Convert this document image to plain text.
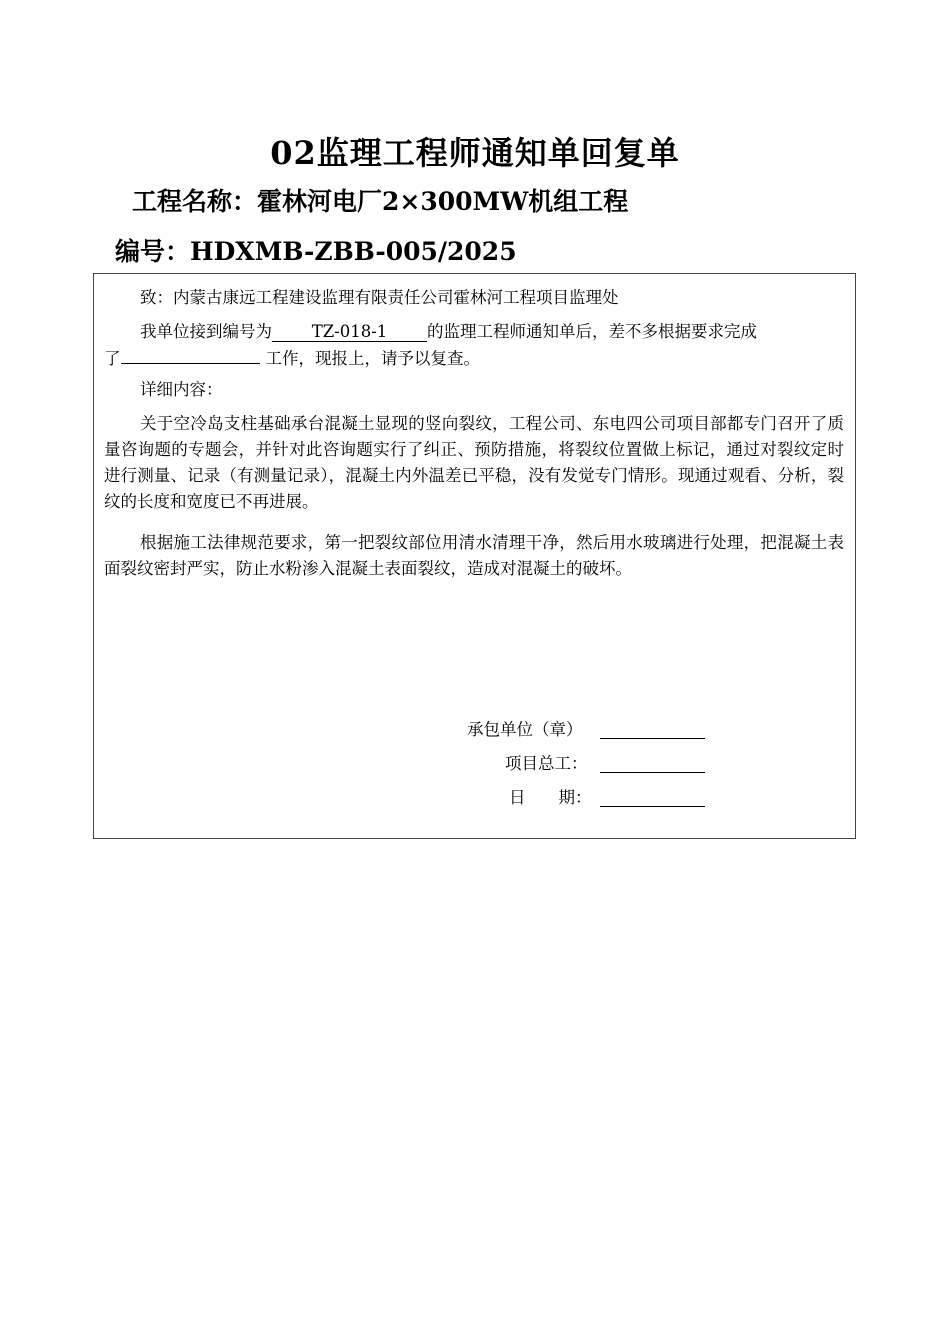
02监理工程师通知单回复单
工程名称：霍林河电厂2×300MW机组工程
编号：HDXMB-ZBB-005/2025
致：内蒙古康远工程建设监理有限责任公司霍林河工程项目监理处
我单位接到编号为 TZ-018-1 的监理工程师通知单后，差不多根据要求完成
了	工作，现报上，请予以复查。
详细内容：
关于空冷岛支柱基础承台混凝土显现的竖向裂纹，工程公司、东电四公司项目部都专门召开了质量咨询题的专题会，并针对此咨询题实行了纠正、预防措施，将裂纹位置做上标记，通过对裂纹定时进行测量、记录（有测量记录），混凝土内外温差已平稳，没有发觉专门情形。现通过观看、分析，裂纹的长度和宽度已不再进展。
根据施工法律规范要求，第一把裂纹部位用清水清理干净，然后用水玻璃进行处理，把混凝土表面裂纹密封严实，防止水粉渗入混凝土表面裂纹，造成对混凝土的破坏。
承包单位（章）
项目总工：
日　　期：
